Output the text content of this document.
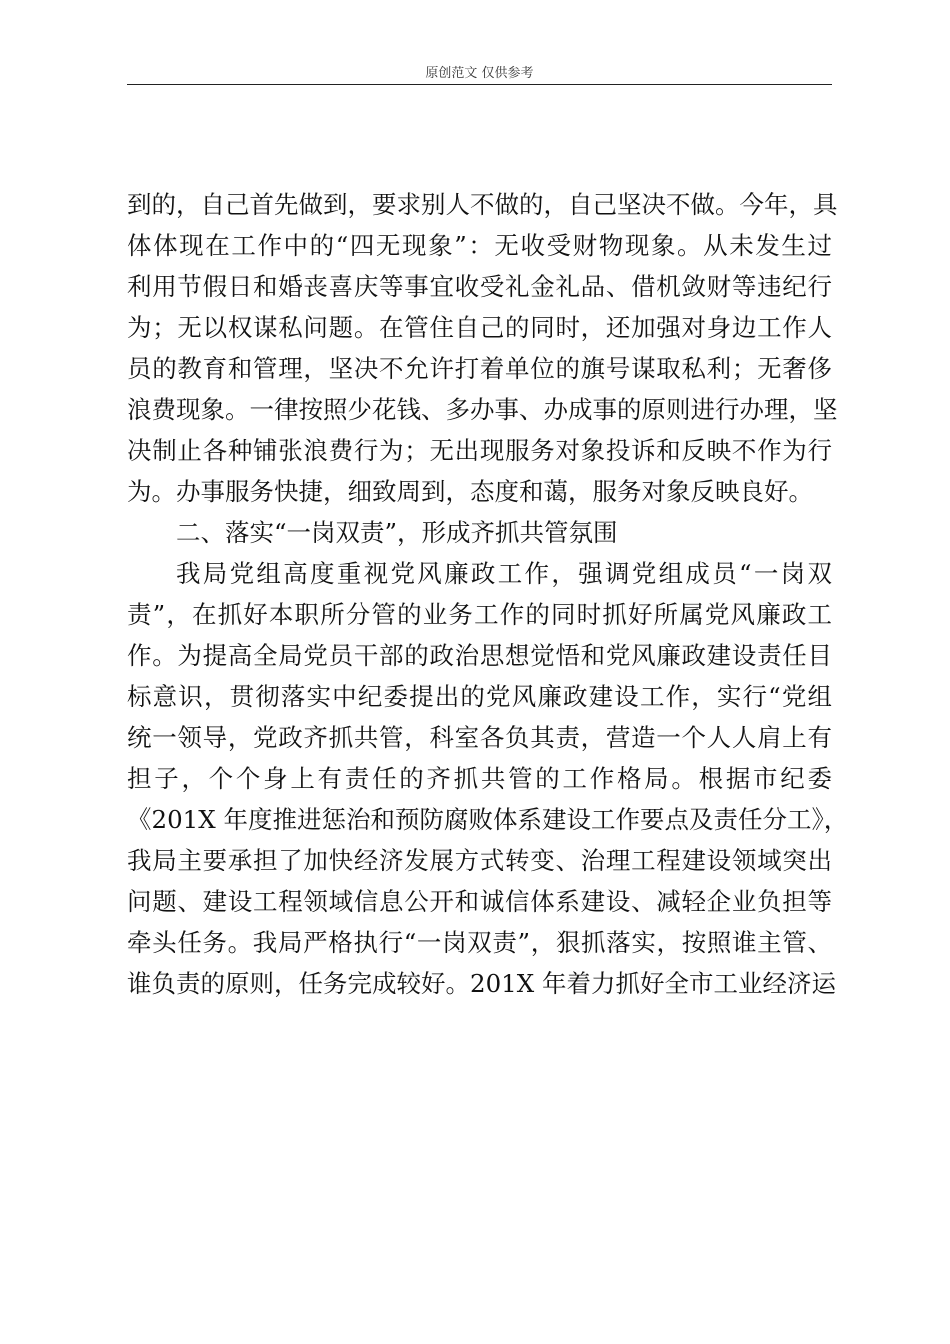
原创范文 仅供参考
到的，自己首先做到，要求别人不做的，自己坚决不做。今年，具
体体现在工作中的“四无现象”：无收受财物现象。从未发生过
利用节假日和婚丧喜庆等事宜收受礼金礼品、借机敛财等违纪行
为；无以权谋私问题。在管住自己的同时，还加强对身边工作人
员的教育和管理，坚决不允许打着单位的旗号谋取私利；无奢侈
浪费现象。一律按照少花钱、多办事、办成事的原则进行办理，坚
决制止各种铺张浪费行为；无出现服务对象投诉和反映不作为行
为。办事服务快捷，细致周到，态度和蔼，服务对象反映良好。
二、落实“一岗双责”，形成齐抓共管氛围
我局党组高度重视党风廉政工作，强调党组成员“一岗双
责”，在抓好本职所分管的业务工作的同时抓好所属党风廉政工
作。为提高全局党员干部的政治思想觉悟和党风廉政建设责任目
标意识，贯彻落实中纪委提出的党风廉政建设工作，实行“党组
统一领导，党政齐抓共管，科室各负其责，营造一个人人肩上有
担子，个个身上有责任的齐抓共管的工作格局。根据市纪委
《201X 年度推进惩治和预防腐败体系建设工作要点及责任分工》，
我局主要承担了加快经济发展方式转变、治理工程建设领域突出
问题、建设工程领域信息公开和诚信体系建设、减轻企业负担等
牵头任务。我局严格执行“一岗双责”，狠抓落实，按照谁主管、
谁负责的原则，任务完成较好。201X 年着力抓好全市工业经济运
